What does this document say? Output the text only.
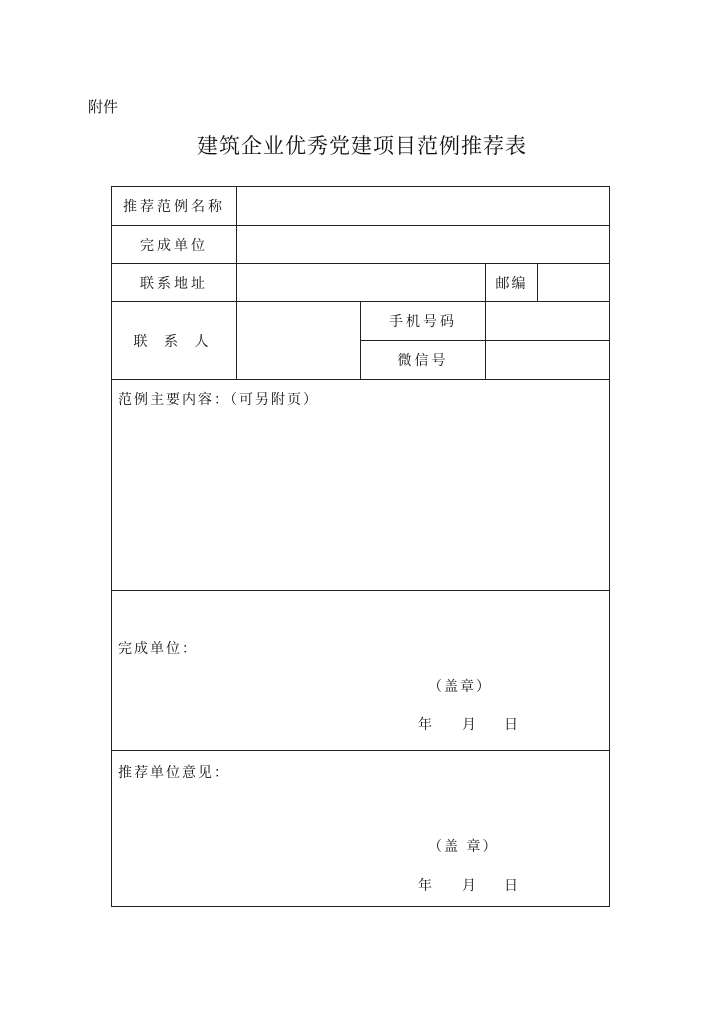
附件
建筑企业优秀党建项目范例推荐表
推荐范例名称
完成单位
联系地址	邮编
联 系 人
手机号码
微信号
范例主要内容：（可另附页）
完成单位：
（盖章）
年 月 日
推荐单位意见：
（盖 章）
年 月 日
